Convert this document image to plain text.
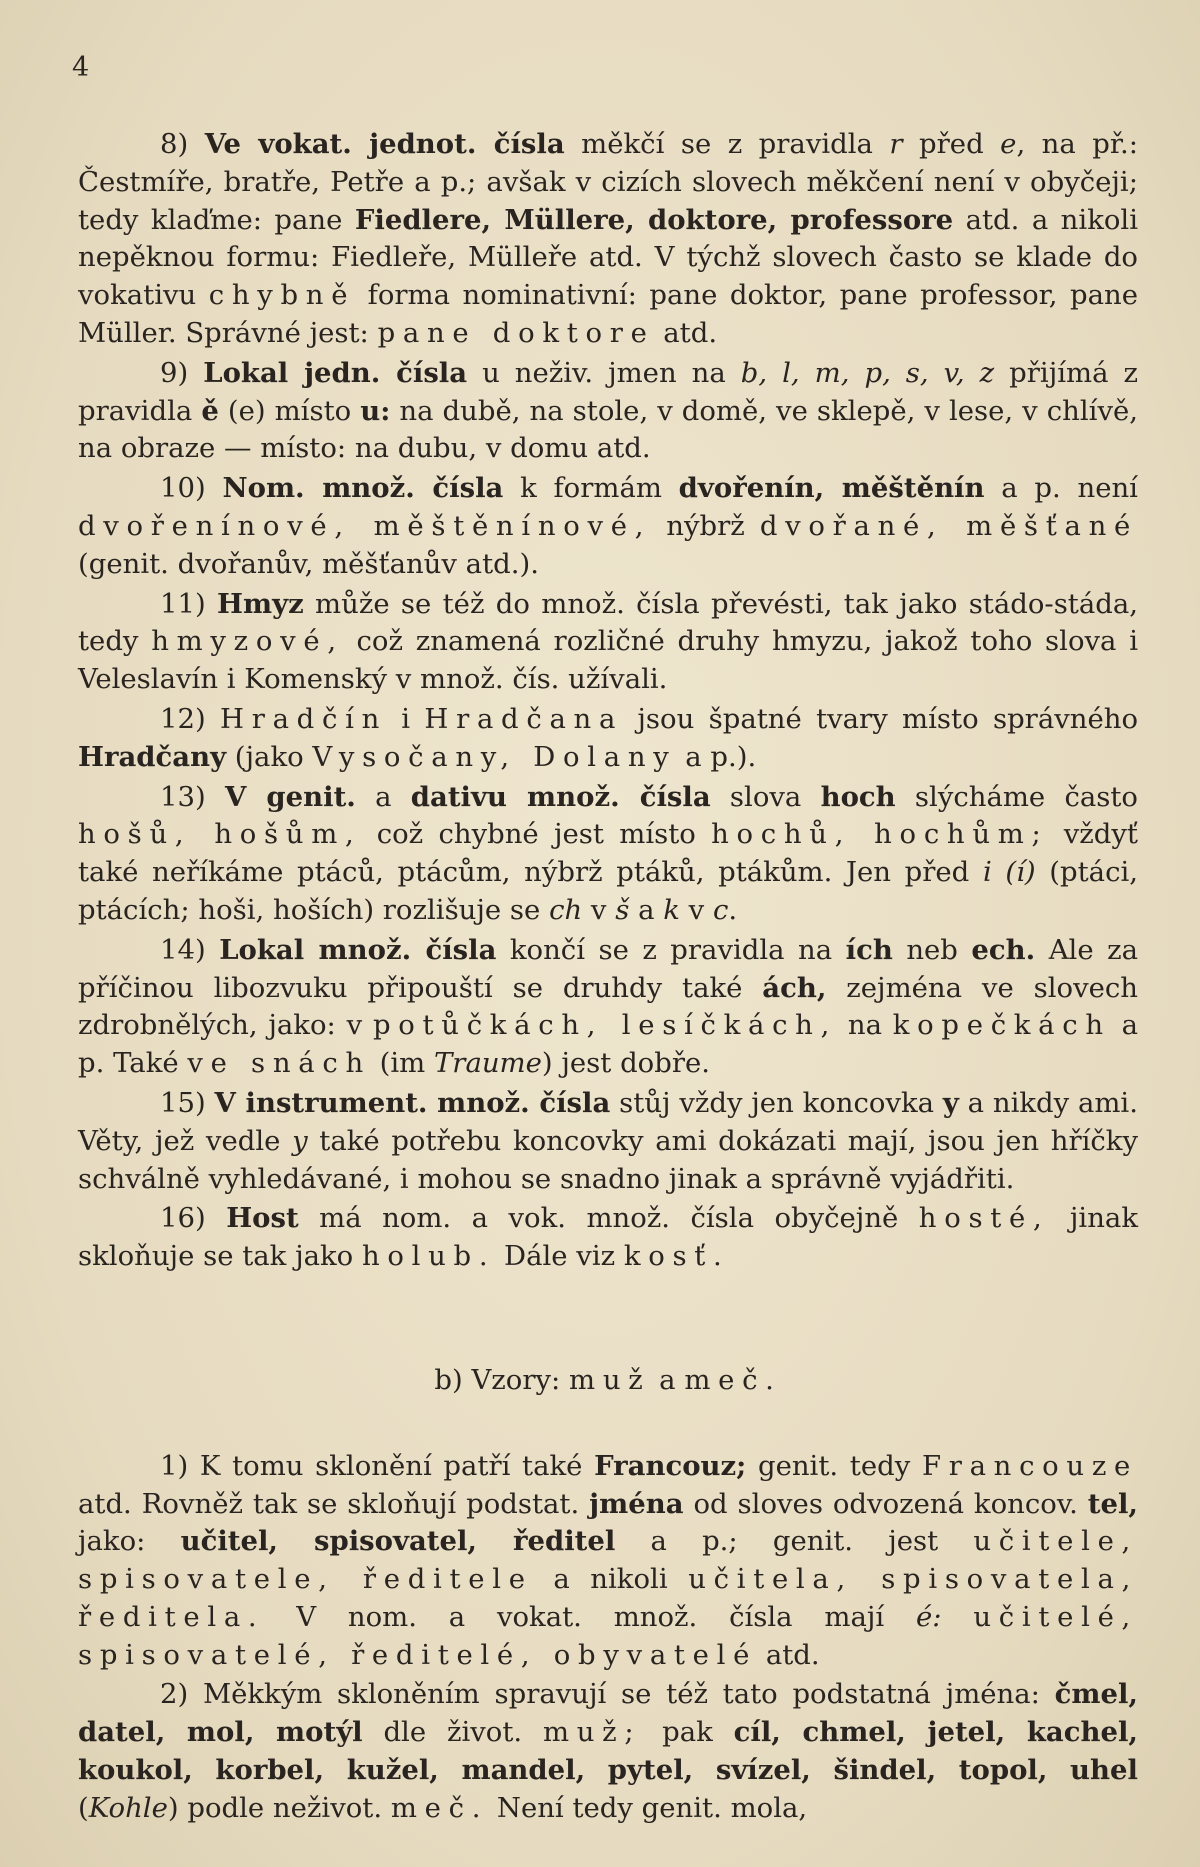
4

8) Ve vokat. jednot. čísla měkčí se z pravidla r před e, na př.: Čestmíře, bratře, Petře a p.; avšak v cizích slovech měkčení není v obyčeji; tedy klaďme: pane Fiedlere, Müllere, doktore, professore atd. a nikoli nepěknou formu: Fiedleře, Mülleře atd. V týchž slovech často se klade do vokativu chybně forma nominativní: pane doktor, pane professor, pane Müller. Správné jest: pane doktore atd.

9) Lokal jedn. čísla u neživ. jmen na b, l, m, p, s, v, z přijímá z pravidla ě (e) místo u: na dubě, na stole, v domě, ve sklepě, v lese, v chlívě, na obraze — místo: na dubu, v domu atd.

10) Nom. množ. čísla k formám dvořenín, měštěnín a p. není dvořenínové, měštěnínové, nýbrž dvořané, měšťané (genit. dvořanův, měšťanův atd.).

11) Hmyz může se též do množ. čísla převésti, tak jako stádo-stáda, tedy hmyzové, což znamená rozličné druhy hmyzu, jakož toho slova i Veleslavín i Komenský v množ. čís. užívali.

12) Hradčín i Hradčana jsou špatné tvary místo správného Hradčany (jako Vysočany, Dolany a p.).

13) V genit. a dativu množ. čísla slova hoch slýcháme často hošů, hošům, což chybné jest místo hochů, hochům; vždyť také neříkáme ptáců, ptácům, nýbrž ptáků, ptákům. Jen před i (í) (ptáci, ptácích; hoši, hoších) rozlišuje se ch v š a k v c.

14) Lokal množ. čísla končí se z pravidla na ích neb ech. Ale za příčinou libozvuku připouští se druhdy také ách, zejména ve slovech zdrobnělých, jako: v potůčkách, lesíčkách, na kopečkách a p. Také ve snách (im Traume) jest dobře.

15) V instrument. množ. čísla stůj vždy jen koncovka y a nikdy ami. Věty, jež vedle y také potřebu koncovky ami dokázati mají, jsou jen hříčky schválně vyhledávané, i mohou se snadno jinak a správně vyjádřiti.

16) Host má nom. a vok. množ. čísla obyčejně hosté, jinak skloňuje se tak jako holub. Dále viz kosť.

b) Vzory: muž a meč.

1) K tomu sklonění patří také Francouz; genit. tedy Francouze atd. Rovněž tak se skloňují podstat. jména od sloves odvozená koncov. tel, jako: učitel, spisovatel, ředitel a p.; genit. jest učitele, spisovatele, ředitele a nikoli učitela, spisovatela, ředitela. V nom. a vokat. množ. čísla mají é: učitelé, spisovatelé, ředitelé, obyvatelé atd.

2) Měkkým skloněním spravují se též tato podstatná jména: čmel, datel, mol, motýl dle život. muž; pak cíl, chmel, jetel, kachel, koukol, korbel, kužel, mandel, pytel, svízel, šindel, topol, uhel (Kohle) podle neživot. meč. Není tedy genit. mola,
